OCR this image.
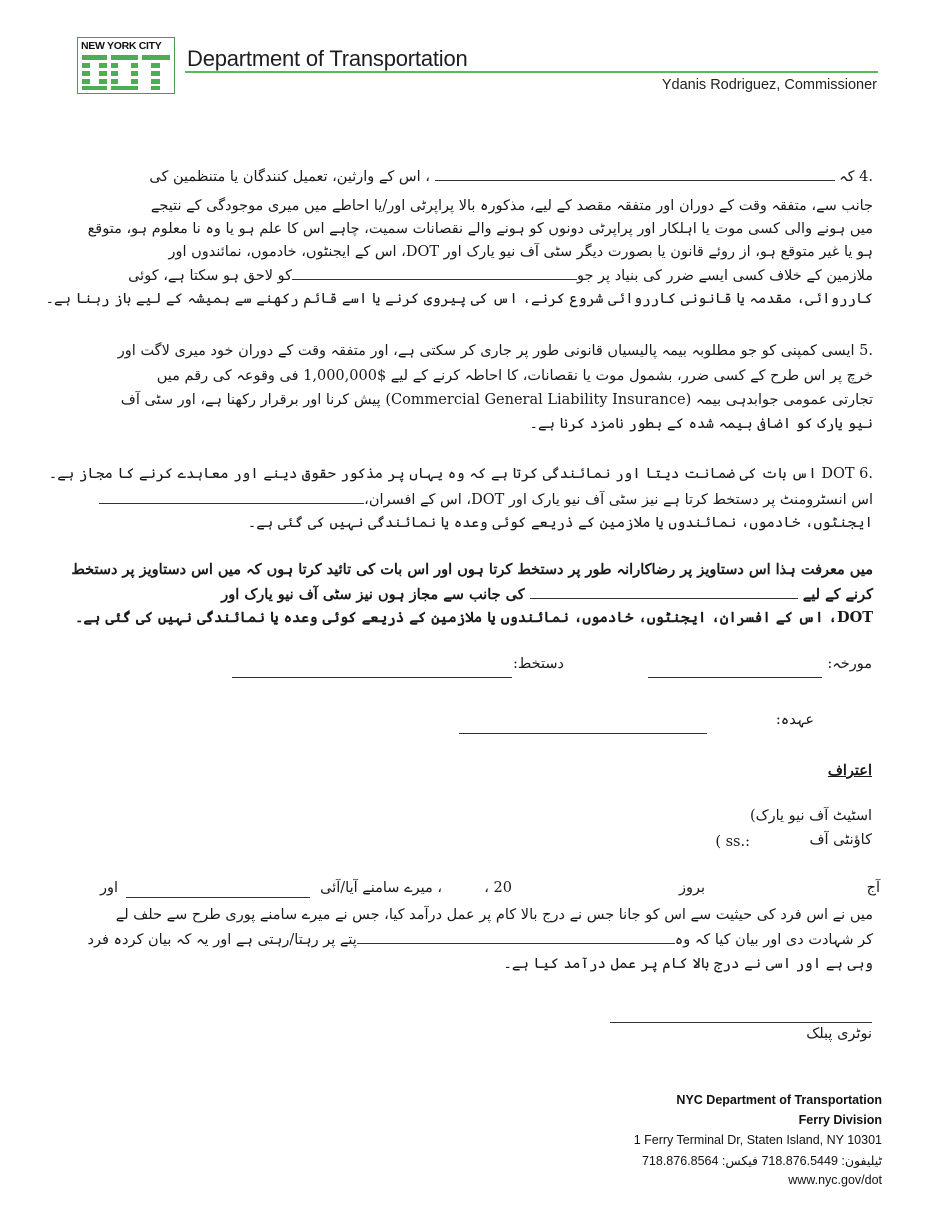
NEW YORK CITY	Department of Transportation
Ydanis Rodriguez, Commissioner
.4 کہ  ، اس کے وارثین، تعمیل کنندگان یا متنظمین کی
جانب سے، متفقہ وقت کے دوران اور متفقہ مقصد کے لیے، مذکورہ بالا پراپرٹی اور/یا احاطے میں میری موجودگی کے نتیجے
میں ہونے والی کسی موت یا اہلکار اور پراپرٹی دونوں کو ہونے والے نقصانات سمیت، چاہے اس کا علم ہو یا وہ نا معلوم ہو، متوقع
ہو یا غیر متوقع ہو، از روئے قانون یا بصورت دیگر سٹی آف نیو یارک اور DOT، اس کے ایجنٹوں، خادموں، نمائندوں اور
ملازمین کے خلاف کسی ایسے ضرر کی بنیاد پر جوکو لاحق ہو سکتا ہے، کوئی
کارروائی، مقدمہ یا قانونی کارروائی شروع کرنے، اس کی پیروی کرنے یا اسے قائم رکھنے سے ہمیشہ کے لیے باز رہنا ہے۔
.5 ایسی کمپنی کو جو مطلوبہ بیمہ پالیسیاں قانونی طور پر جاری کر سکتی ہے، اور متفقہ وقت کے دوران خود میری لاگت اور
خرچ پر اس طرح کے کسی ضرر، بشمول موت یا نقصانات، کا احاطہ کرنے کے لیے $1,000,000 فی وقوعہ کی رقم میں
تجارتی عمومی جوابدہی بیمہ (Commercial General Liability Insurance) پیش کرنا اور برقرار رکھنا ہے، اور سٹی آف
نیو یارک کو اضافی بیمہ شدہ کے بطور نامزد کرنا ہے۔
.6 DOT اس بات کی ضمانت دیتا اور نمائندگی کرتا ہے کہ وہ یہاں پر مذکور حقوق دینے اور معاہدے کرنے کا مجاز ہے۔
اس انسٹرومنٹ پر دستخط کرتا ہے نیز سٹی آف نیو یارک اور DOT، اس کے افسران،
ایجنٹوں، خادموں، نمائندوں یا ملازمین کے ذریعے کوئی وعدہ یا نمائندگی نہیں کی گئی ہے۔
میں معرفت ہذا اس دستاویز پر رضاکارانہ طور پر دستخط کرتا ہوں اور اس بات کی تائید کرتا ہوں کہ میں اس دستاویز پر دستخط
کرنے کے لیے  کی جانب سے مجاز ہوں نیز سٹی آف نیو یارک اور
DOT، اس کے افسران، ایجنٹوں، خادموں، نمائندوں یا ملازمین کے ذریعے کوئی وعدہ یا نمائندگی نہیں کی گئی ہے۔
مورخہ:
دستخط:
عہدہ:
اعتراف
اسٹیٹ آف نیو یارک)
کاؤنٹی آف
:.ss )
آج
بروز
20 ،
، میرے سامنے آیا/آئی
اور
میں نے اس فرد کی حیثیت سے اس کو جانا جس نے درج بالا کام پر عمل درآمد کیا، جس نے میرے سامنے پوری طرح سے حلف لے
کر شہادت دی اور بیان کیا کہ وہپتے پر رہتا/رہتی ہے اور یہ کہ بیان کردہ فرد
وہی ہے اور اسی نے درج بالا کام پر عمل درآمد کیا ہے۔
نوٹری پبلک
NYC Department of Transportation
Ferry Division
1 Ferry Terminal Dr, Staten Island, NY 10301
ٹیلیفون: 718.876.5449 فیکس: 718.876.8564
www.nyc.gov/dot
